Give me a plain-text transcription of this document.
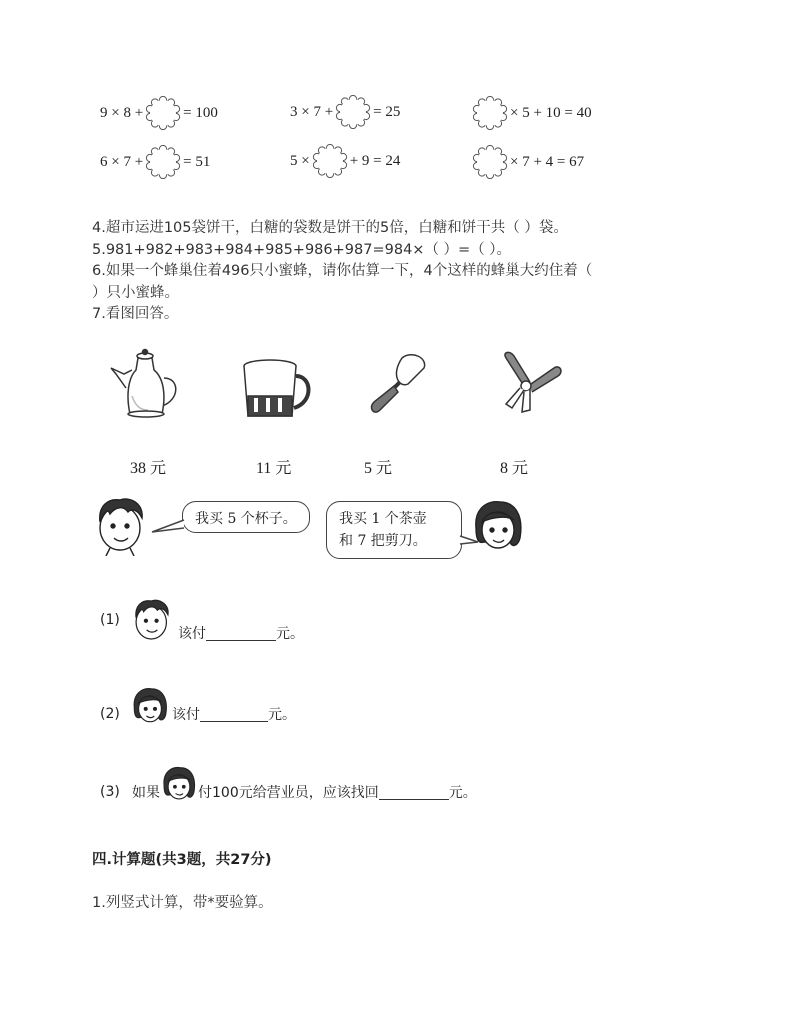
9 × 8 +	= 100	3 × 7 +	= 25	× 5 + 10 = 40
6 × 7 +	= 51	5 ×	+ 9 = 24	× 7 + 4 = 67
4.超市运进105袋饼干，白糖的袋数是饼干的5倍，白糖和饼干共（ ）袋。
5.981+982+983+984+985+986+987=984×（ ）=（ ）。
6.如果一个蜂巢住着496只小蜜蜂，请你估算一下，4个这样的蜂巢大约住着（
）只小蜜蜂。
7.看图回答。
38 元	11 元	5 元	8 元
我买 5 个杯子。	我买 1 个茶壶
和 7 把剪刀。
(1)
该付	元。
(2)	该付	元。
(3) 如果	付100元给营业员，应该找回	元。
四.计算题(共3题，共27分)
1.列竖式计算，带*要验算。
